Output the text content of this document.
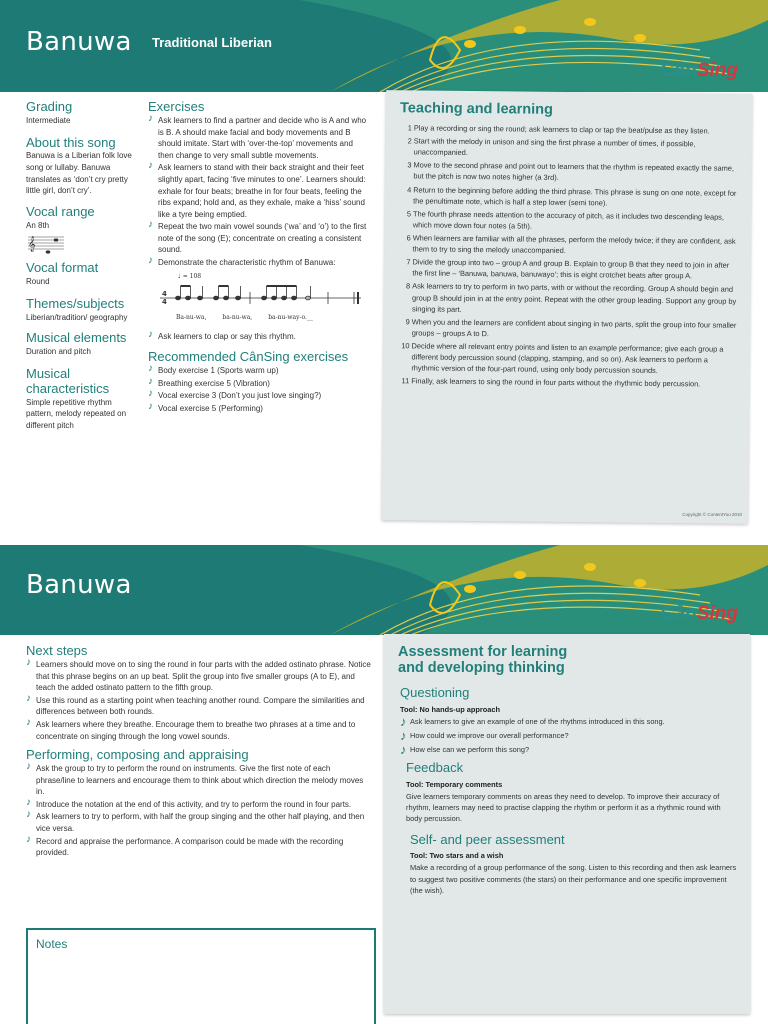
Banuwa Traditional Liberian
CânSing
Grading
Intermediate
About this song
Banuwa is a Liberian folk love song or lullaby. Banuwa translates as ‘don’t cry pretty little girl, don’t cry’.
Vocal range
An 8th
𝄞
Vocal format
Round
Themes/subjects
Liberian/tradition/ geography
Musical elements
Duration and pitch
Musical characteristics
Simple repetitive rhythm pattern, melody repeated on different pitch
Exercises
♪ Ask learners to find a partner and decide who is A and who is B. A should make facial and body movements and B should imitate. Start with ‘over-the-top’ movements and then change to very small subtle movements.
♪ Ask learners to stand with their back straight and their feet slightly apart, facing ‘five minutes to one’. Learners should: exhale for four beats; breathe in for four beats, feeling the ribs expand; hold and, as they exhale, make a ‘hiss’ sound like a tyre being emptied.
♪ Repeat the two main vowel sounds (‘wa’ and ‘o’) to the first note of the song (E); concentrate on creating a consistent sound.
♪ Demonstrate the characteristic rhythm of Banuwa:
♩ = 108
4
4
Ba-nu-wa,	ba-nu-wa,	ba-nu-way-o.__
♪ Ask learners to clap or say this rhythm.
Recommended CânSing exercises
♪ Body exercise 1 (Sports warm up)
♪ Breathing exercise 5 (Vibration)
♪ Vocal exercise 3 (Don’t you just love singing?)
♪ Vocal exercise 5 (Performing)
Teaching and learning
1 Play a recording or sing the round; ask learners to clap or tap the beat/pulse as they listen.
2 Start with the melody in unison and sing the first phrase a number of times, if possible, unaccompanied.
3 Move to the second phrase and point out to learners that the rhythm is repeated exactly the same, but the pitch is now two notes higher (a 3rd).
4 Return to the beginning before adding the third phrase. This phrase is sung on one note, except for the penultimate note, which is half a step lower (semi tone).
5 The fourth phrase needs attention to the accuracy of pitch, as it includes two descending leaps, which move down four notes (a 5th).
6 When learners are familiar with all the phrases, perform the melody twice; if they are confident, ask them to try to sing the melody unaccompanied.
7 Divide the group into two – group A and group B. Explain to group B that they need to join in after the first line – ‘Banuwa, banuwa, banuwayo’; this is eight crotchet beats after group A.
8 Ask learners to try to perform in two parts, with or without the recording. Group A should begin and group B should join in at the entry point. Repeat with the other group leading. Support any group by singing its part.
9 When you and the learners are confident about singing in two parts, split the group into four smaller groups – groups A to D.
10 Decide where all relevant entry points and listen to an example performance; give each group a different body percussion sound (clapping, stamping, and so on). Ask learners to perform a rhythmic version of the four-part round, using only body percussion sounds.
11 Finally, ask learners to sing the round in four parts without the rhythmic body percussion.
Copyright © ContentYou 2010
Banuwa
CânSing
Next steps
♪ Learners should move on to sing the round in four parts with the added ostinato phrase. Notice that this phrase begins on an up beat. Split the group into five smaller groups (A to E), and teach the added ostinato pattern to the fifth group.
♪ Use this round as a starting point when teaching another round. Compare the similarities and differences between both rounds.
♪ Ask learners where they breathe. Encourage them to breathe two phrases at a time and to concentrate on singing through the long vowel sounds.
Performing, composing and appraising
♪ Ask the group to try to perform the round on instruments. Give the first note of each phrase/line to learners and encourage them to think about which direction the melody moves in.
♪ Introduce the notation at the end of this activity, and try to perform the round in four parts.
♪ Ask learners to try to perform, with half the group singing and the other half playing, and then vice versa.
♪ Record and appraise the performance. A comparison could be made with the recording provided.
Notes
Assessment for learning
and developing thinking
Questioning
Tool: No hands-up approach
♪ Ask learners to give an example of one of the rhythms introduced in this song.
♪ How could we improve our overall performance?
♪ How else can we perform this song?
Feedback
Tool: Temporary comments
Give learners temporary comments on areas they need to develop. To improve their accuracy of rhythm, learners may need to practise clapping the rhythm or perform it as a rhythmic round with body percussion.
Self- and peer assessment
Tool: Two stars and a wish
Make a recording of a group performance of the song. Listen to this recording and then ask learners to suggest two positive comments (the stars) on their performance and one specific improvement (the wish).
